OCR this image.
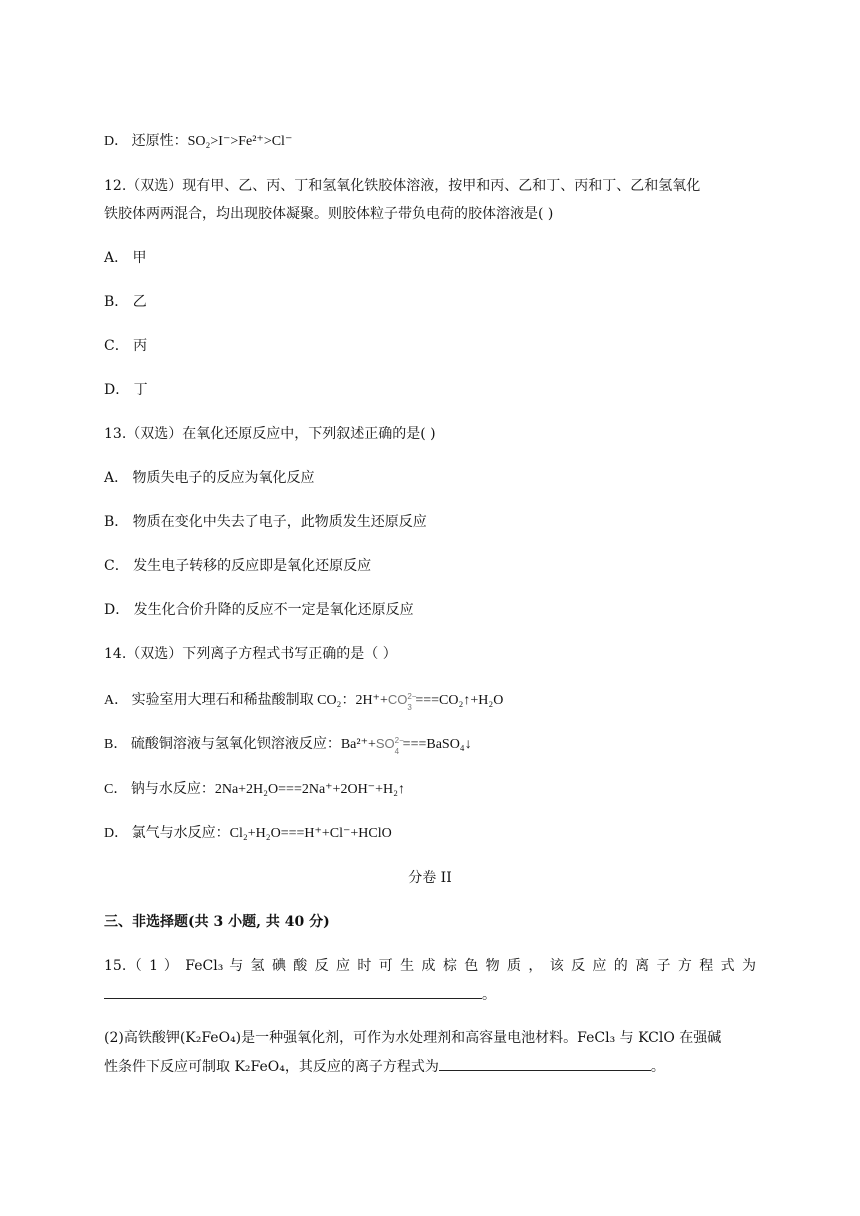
D． 还原性：SO₂>I⁻>Fe²⁺>Cl⁻
12.（双选）现有甲、乙、丙、丁和氢氧化铁胶体溶液，按甲和丙、乙和丁、丙和丁、乙和氢氧化
铁胶体两两混合，均出现胶体凝聚。则胶体粒子带负电荷的胶体溶液是( )
A． 甲
B． 乙
C． 丙
D． 丁
13.（双选）在氧化还原反应中，下列叙述正确的是( )
A． 物质失电子的反应为氧化反应
B． 物质在变化中失去了电子，此物质发生还原反应
C． 发生电子转移的反应即是氧化还原反应
D． 发生化合价升降的反应不一定是氧化还原反应
14.（双选）下列离子方程式书写正确的是（ ）
A． 实验室用大理石和稀盐酸制取 CO₂：2H⁺+CO 2−
3 ===CO₂↑+H₂O
B． 硫酸铜溶液与氢氧化钡溶液反应：Ba²⁺+SO 2−
4 ===BaSO₄↓
C． 钠与水反应：2Na+2H₂O===2Na⁺+2OH⁻+H₂↑
D． 氯气与水反应：Cl₂+H₂O===H⁺+Cl⁻+HClO
分卷 II
三、非选择题(共 3 小题, 共 40 分)
15.（ 1 ） FeCl₃ 与 氢 碘 酸 反 应 时 可 生 成 棕 色 物 质 ， 该 反 应 的 离 子 方 程 式 为
。
(2)高铁酸钾(K₂FeO₄)是一种强氧化剂，可作为水处理剂和高容量电池材料。FeCl₃ 与 KClO 在强碱
性条件下反应可制取 K₂FeO₄，其反应的离子方程式为	。
